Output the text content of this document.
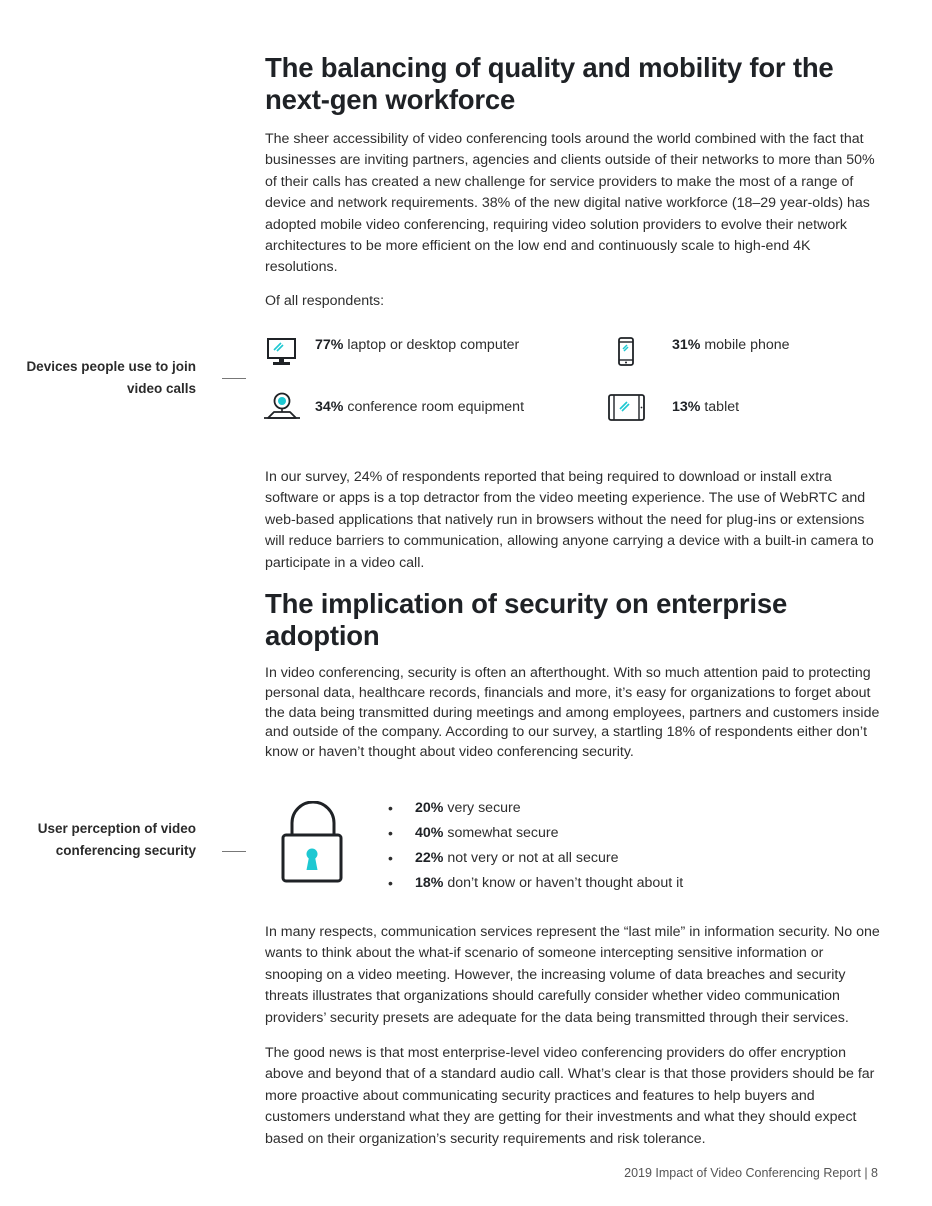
The balancing of quality and mobility for the next-gen workforce

The sheer accessibility of video conferencing tools around the world combined with the fact that businesses are inviting partners, agencies and clients outside of their networks to more than 50% of their calls has created a new challenge for service providers to make the most of a range of device and network requirements. 38% of the new digital native workforce (18–29 year-olds) has adopted mobile video conferencing, requiring video solution providers to evolve their network architectures to be more efficient on the low end and continuously scale to high-end 4K resolutions.

Of all respondents:

Devices people use to join video calls
77% laptop or desktop computer	31% mobile phone
34% conference room equipment	13% tablet

In our survey, 24% of respondents reported that being required to download or install extra software or apps is a top detractor from the video meeting experience. The use of WebRTC and web-based applications that natively run in browsers without the need for plug-ins or extensions will reduce barriers to communication, allowing anyone carrying a device with a built-in camera to participate in a video call.

The implication of security on enterprise adoption

In video conferencing, security is often an afterthought. With so much attention paid to protecting personal data, healthcare records, financials and more, it’s easy for organizations to forget about the data being transmitted during meetings and among employees, partners and customers inside and outside of the company. According to our survey, a startling 18% of respondents either don’t know or haven’t thought about video conferencing security.

User perception of video conferencing security
• 20% very secure
• 40% somewhat secure
• 22% not very or not at all secure
• 18% don’t know or haven’t thought about it

In many respects, communication services represent the “last mile” in information security. No one wants to think about the what-if scenario of someone intercepting sensitive information or snooping on a video meeting. However, the increasing volume of data breaches and security threats illustrates that organizations should carefully consider whether video communication providers’ security presets are adequate for the data being transmitted through their services.

The good news is that most enterprise-level video conferencing providers do offer encryption above and beyond that of a standard audio call. What’s clear is that those providers should be far more proactive about communicating security practices and features to help buyers and customers understand what they are getting for their investments and what they should expect based on their organization’s security requirements and risk tolerance.

2019 Impact of Video Conferencing Report | 8
